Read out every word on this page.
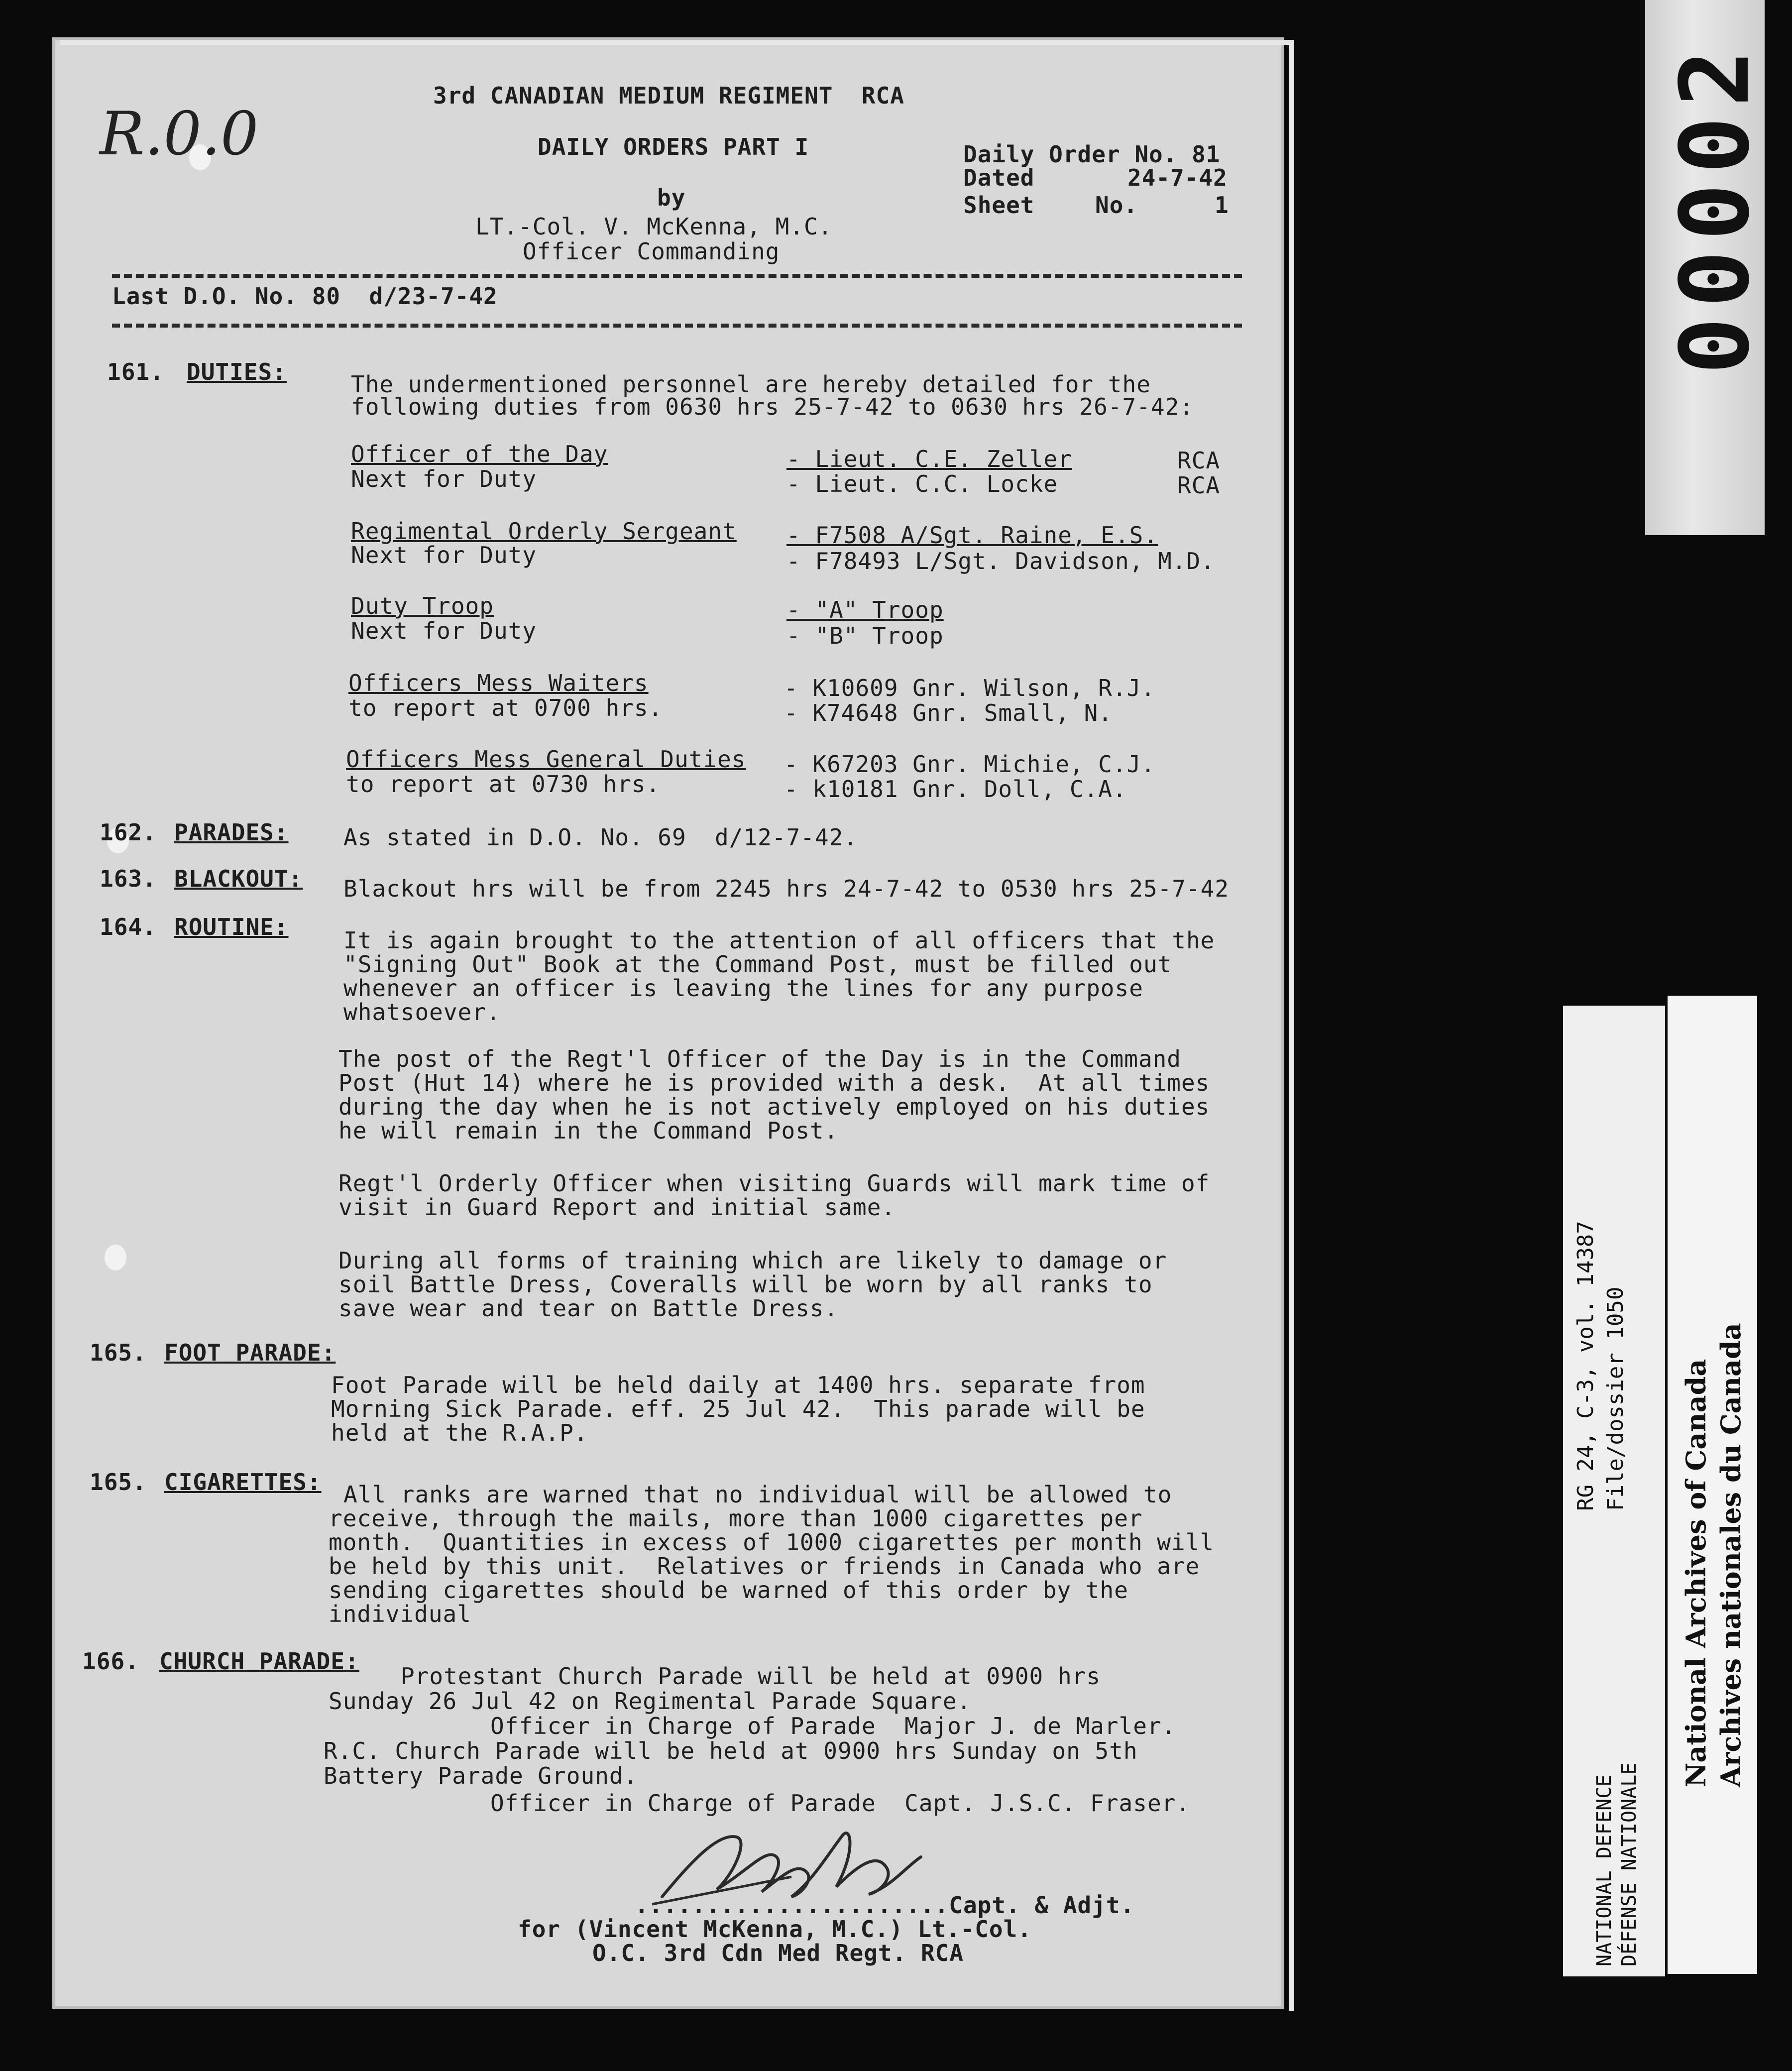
00002
RG 24, C-3, vol. 14387 File/dossier 1050
NATIONAL DEFENCE DÉFENSE NATIONALE
National Archives of Canada Archives nationales du Canada
R.0.0
3rd CANADIAN MEDIUM REGIMENT  RCA
DAILY ORDERS PART I
by
LT.-Col. V. McKenna, M.C.
Officer Commanding
Daily Order No. 81
Dated	24-7-42
Sheet	No.	1
Last D.O. No. 80  d/23-7-42
161. DUTIES:	The undermentioned personnel are hereby detailed for the
following duties from 0630 hrs 25-7-42 to 0630 hrs 26-7-42:
Officer of the Day	- Lieut. C.E. Zeller	RCA
Next for Duty	- Lieut. C.C. Locke	RCA
Regimental Orderly Sergeant - F7508 A/Sgt. Raine, E.S.
Next for Duty	- F78493 L/Sgt. Davidson, M.D.
Duty Troop	- "A" Troop
Next for Duty	- "B" Troop
Officers Mess Waiters	- K10609 Gnr. Wilson, R.J.
to report at 0700 hrs.	- K74648 Gnr. Small, N.
Officers Mess General Duties - K67203 Gnr. Michie, C.J.
to report at 0730 hrs.	- k10181 Gnr. Doll, C.A.
162. PARADES: As stated in D.O. No. 69  d/12-7-42.
163. BLACKOUT: Blackout hrs will be from 2245 hrs 24-7-42 to 0530 hrs 25-7-42
164. ROUTINE: It is again brought to the attention of all officers that the
"Signing Out" Book at the Command Post, must be filled out
whenever an officer is leaving the lines for any purpose
whatsoever.
The post of the Regt'l Officer of the Day is in the Command
Post (Hut 14) where he is provided with a desk.  At all times
during the day when he is not actively employed on his duties
he will remain in the Command Post.
Regt'l Orderly Officer when visiting Guards will mark time of
visit in Guard Report and initial same.
During all forms of training which are likely to damage or
soil Battle Dress, Coveralls will be worn by all ranks to
save wear and tear on Battle Dress.
165. FOOT PARADE:
Foot Parade will be held daily at 1400 hrs. separate from
Morning Sick Parade. eff. 25 Jul 42.  This parade will be
held at the R.A.P.
165. CIGARETTES: All ranks are warned that no individual will be allowed to
receive, through the mails, more than 1000 cigarettes per
month.  Quantities in excess of 1000 cigarettes per month will
be held by this unit.  Relatives or friends in Canada who are
sending cigarettes should be warned of this order by the
individual
166. CHURCH PARADE:
Protestant Church Parade will be held at 0900 hrs
Sunday 26 Jul 42 on Regimental Parade Square.
Officer in Charge of Parade  Major J. de Marler.
R.C. Church Parade will be held at 0900 hrs Sunday on 5th
Battery Parade Ground.
Officer in Charge of Parade  Capt. J.S.C. Fraser.
......................Capt. & Adjt.
for (Vincent McKenna, M.C.) Lt.-Col.
O.C. 3rd Cdn Med Regt. RCA
